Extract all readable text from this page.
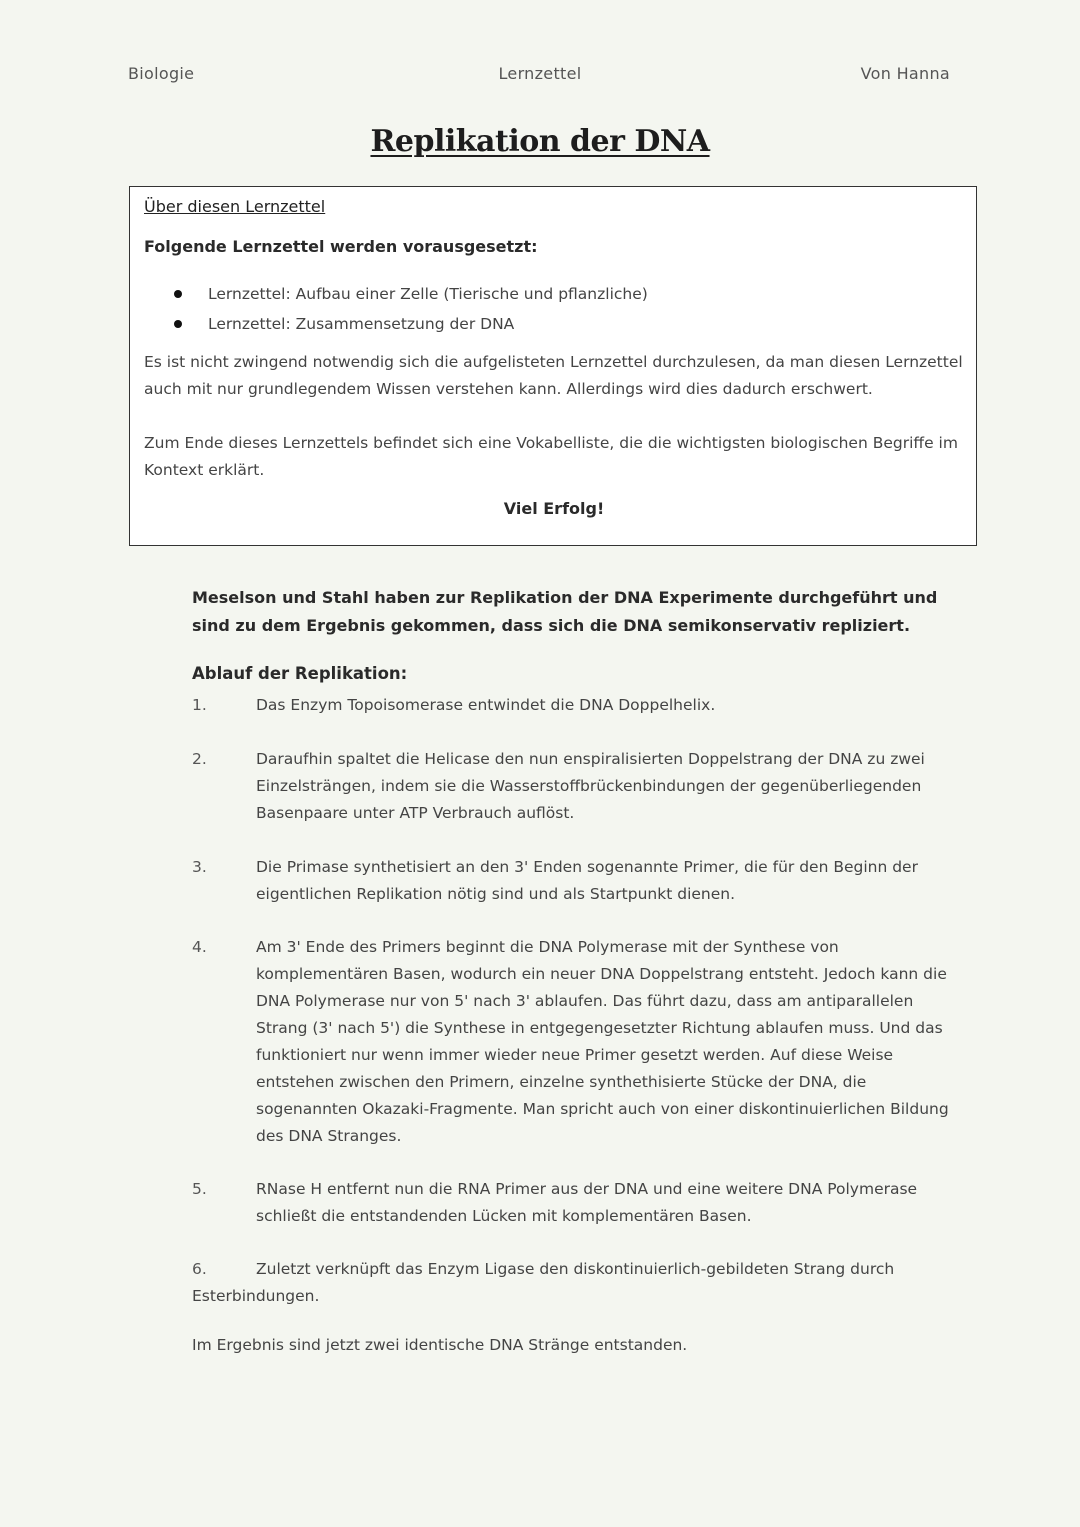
Lernzettel
Biologie	Von Hanna
Replikation der DNA
Über diesen Lernzettel
Folgende Lernzettel werden vorausgesetzt:
Lernzettel: Aufbau einer Zelle (Tierische und pflanzliche)
Lernzettel: Zusammensetzung der DNA
Es ist nicht zwingend notwendig sich die aufgelisteten Lernzettel durchzulesen, da man diesen Lernzettel auch mit nur grundlegendem Wissen verstehen kann. Allerdings wird dies dadurch erschwert.
Zum Ende dieses Lernzettels befindet sich eine Vokabelliste, die die wichtigsten biologischen Begriffe im Kontext erklärt.
Viel Erfolg!
Meselson und Stahl haben zur Replikation der DNA Experimente durchgeführt und sind zu dem Ergebnis gekommen, dass sich die DNA semikonservativ repliziert.
Ablauf der Replikation:
1.	Das Enzym Topoisomerase entwindet die DNA Doppelhelix.
2.	Daraufhin spaltet die Helicase den nun enspiralisierten Doppelstrang der DNA zu zwei Einzelsträngen, indem sie die Wasserstoffbrückenbindungen der gegenüberliegenden Basenpaare unter ATP Verbrauch auflöst.
3.	Die Primase synthetisiert an den 3' Enden sogenannte Primer, die für den Beginn der eigentlichen Replikation nötig sind und als Startpunkt dienen.
4.	Am 3' Ende des Primers beginnt die DNA Polymerase mit der Synthese von komplementären Basen, wodurch ein neuer DNA Doppelstrang entsteht. Jedoch kann die DNA Polymerase nur von 5' nach 3' ablaufen. Das führt dazu, dass am antiparallelen Strang (3' nach 5') die Synthese in entgegengesetzter Richtung ablaufen muss. Und das funktioniert nur wenn immer wieder neue Primer gesetzt werden. Auf diese Weise entstehen zwischen den Primern, einzelne synthethisierte Stücke der DNA, die sogenannten Okazaki-Fragmente. Man spricht auch von einer diskontinuierlichen Bildung des DNA Stranges.
5.	RNase H entfernt nun die RNA Primer aus der DNA und eine weitere DNA Polymerase schließt die entstandenden Lücken mit komplementären Basen.
6.	Zuletzt verknüpft das Enzym Ligase den diskontinuierlich-gebildeten Strang durch Esterbindungen.
Im Ergebnis sind jetzt zwei identische DNA Stränge entstanden.
